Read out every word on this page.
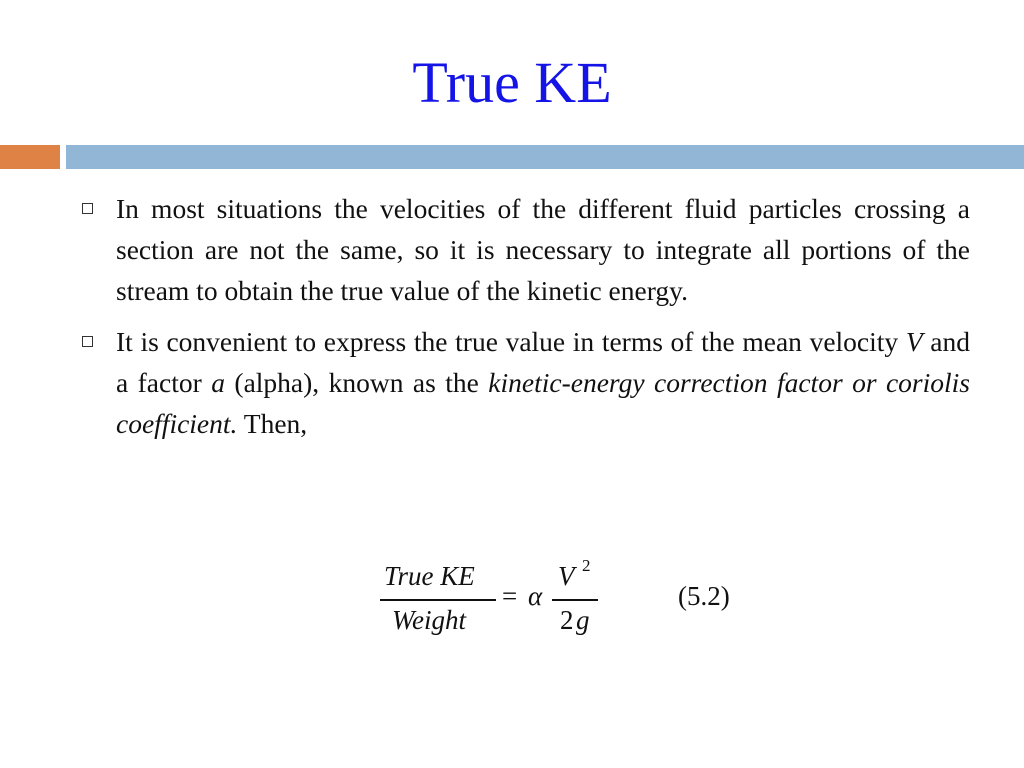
True KE
In most situations the velocities of the different fluid particles crossing a section are not the same, so it is necessary to integrate all portions of the stream to obtain the true value of the kinetic energy.
It is convenient to express the true value in terms of the mean velocity V and a factor a (alpha), known as the kinetic-energy correction factor or coriolis coefficient. Then,
True KE
Weight
= α
V 2
2 g
(5.2)
